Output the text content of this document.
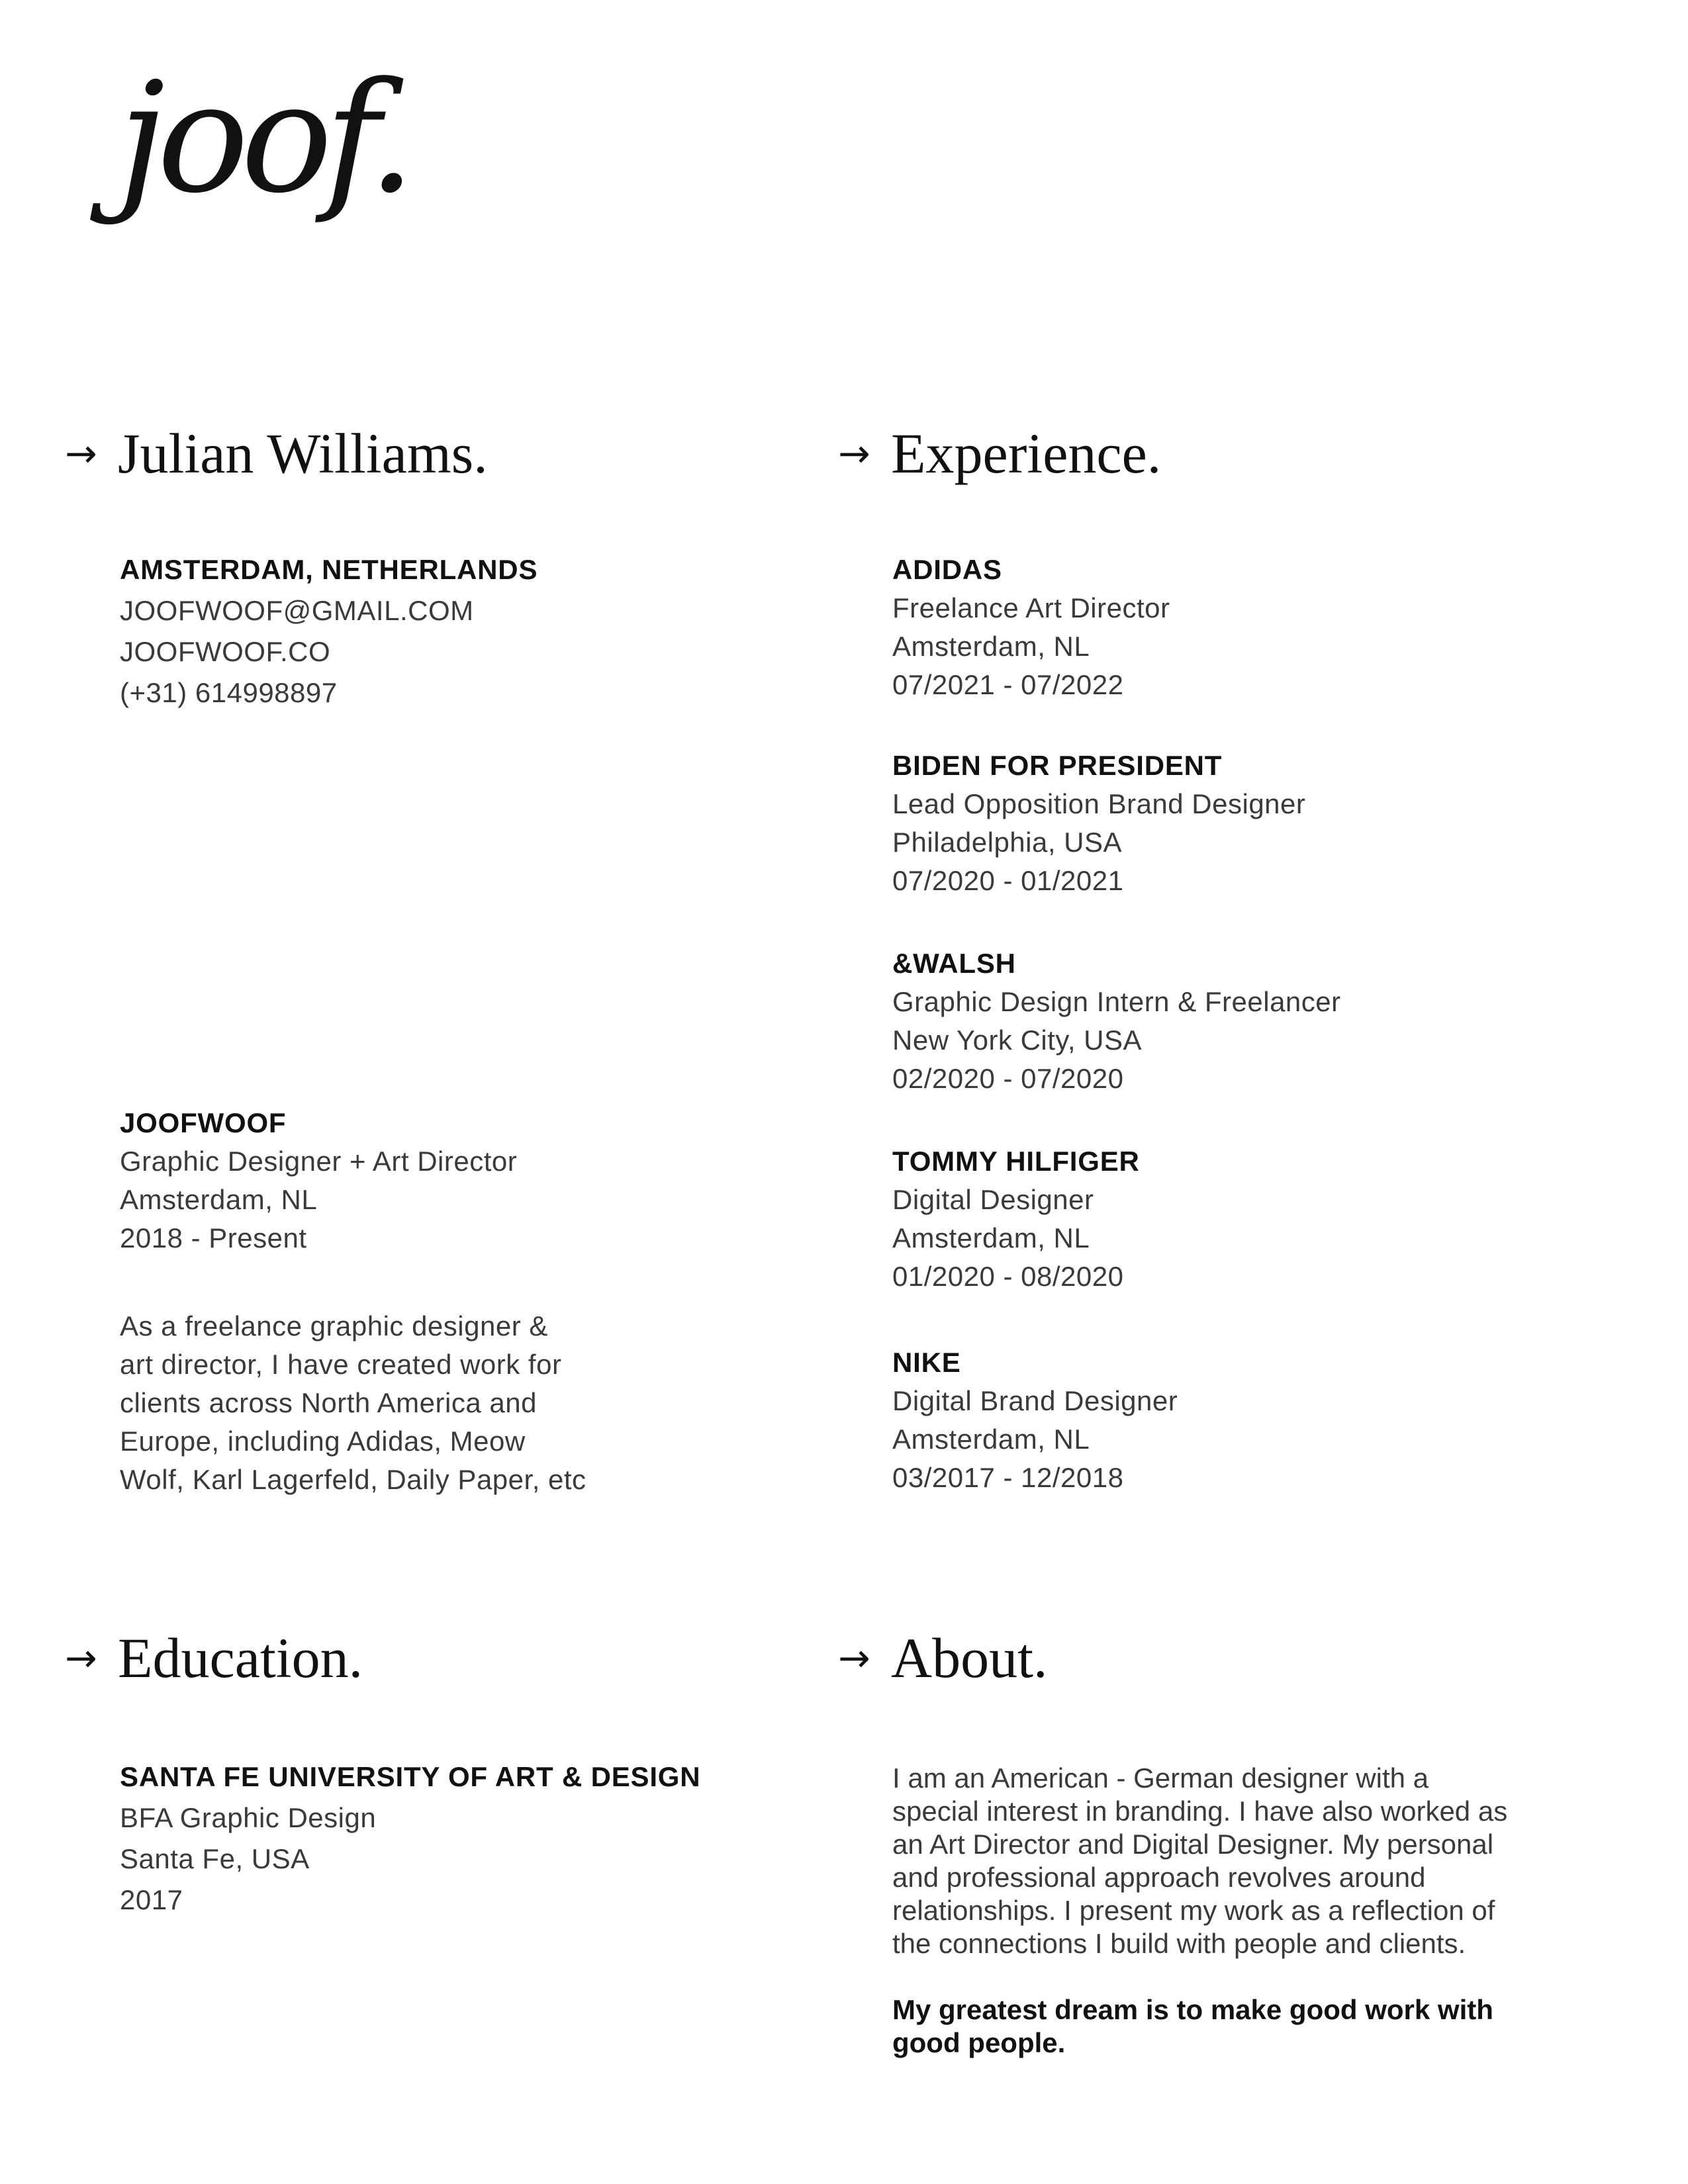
joof.
→ Julian Williams.
AMSTERDAM, NETHERLANDS
JOOFWOOF@GMAIL.COM
JOOFWOOF.CO
(+31) 614998897
JOOFWOOF
Graphic Designer + Art Director
Amsterdam, NL
2018 - Present
As a freelance graphic designer &
art director, I have created work for
clients across North America and
Europe, including Adidas, Meow
Wolf, Karl Lagerfeld, Daily Paper, etc
→ Experience.
ADIDAS
Freelance Art Director
Amsterdam, NL
07/2021 - 07/2022
BIDEN FOR PRESIDENT
Lead Opposition Brand Designer
Philadelphia, USA
07/2020 - 01/2021
&WALSH
Graphic Design Intern & Freelancer
New York City, USA
02/2020 - 07/2020
TOMMY HILFIGER
Digital Designer
Amsterdam, NL
01/2020 - 08/2020
NIKE
Digital Brand Designer
Amsterdam, NL
03/2017 - 12/2018
→ Education.
SANTA FE UNIVERSITY OF ART & DESIGN
BFA Graphic Design
Santa Fe, USA
2017
→ About.
I am an American - German designer with a
special interest in branding. I have also worked as
an Art Director and Digital Designer. My personal
and professional approach revolves around
relationships. I present my work as a reflection of
the connections I build with people and clients.
My greatest dream is to make good work with
good people.
